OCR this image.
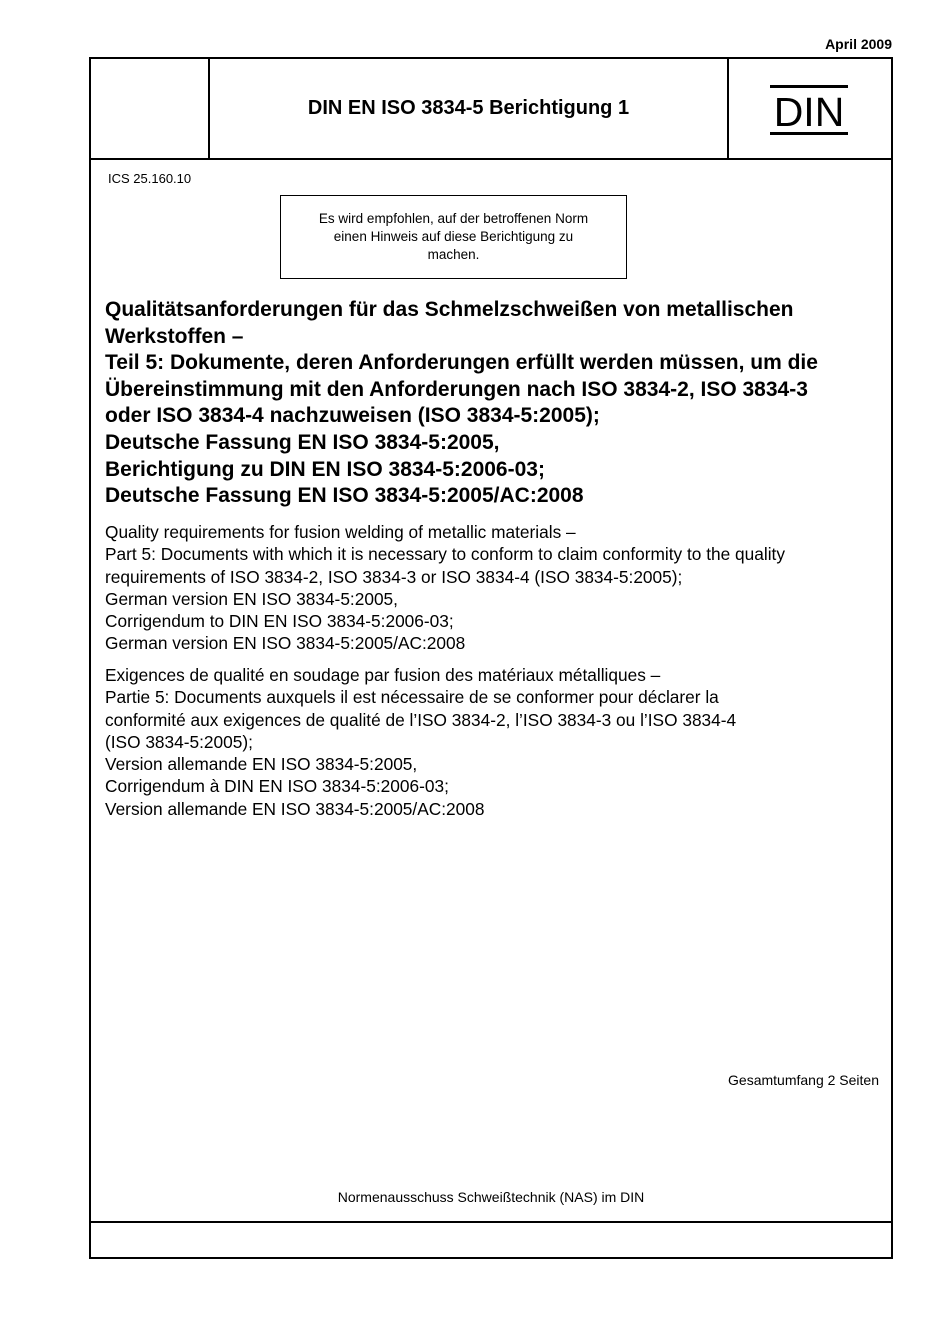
April 2009
DIN EN ISO 3834-5 Berichtigung 1	DIN
ICS 25.160.10
Es wird empfohlen, auf der betroffenen Norm
einen Hinweis auf diese Berichtigung zu
machen.
Qualitätsanforderungen für das Schmelzschweißen von metallischen
Werkstoffen –
Teil 5: Dokumente, deren Anforderungen erfüllt werden müssen, um die
Übereinstimmung mit den Anforderungen nach ISO 3834-2, ISO 3834-3
oder ISO 3834-4 nachzuweisen (ISO 3834-5:2005);
Deutsche Fassung EN ISO 3834-5:2005,
Berichtigung zu DIN EN ISO 3834-5:2006-03;
Deutsche Fassung EN ISO 3834-5:2005/AC:2008
Quality requirements for fusion welding of metallic materials –
Part 5: Documents with which it is necessary to conform to claim conformity to the quality
requirements of ISO 3834-2, ISO 3834-3 or ISO 3834-4 (ISO 3834-5:2005);
German version EN ISO 3834-5:2005,
Corrigendum to DIN EN ISO 3834-5:2006-03;
German version EN ISO 3834-5:2005/AC:2008
Exigences de qualité en soudage par fusion des matériaux métalliques –
Partie 5: Documents auxquels il est nécessaire de se conformer pour déclarer la
conformité aux exigences de qualité de l’ISO 3834-2, l’ISO 3834-3 ou l’ISO 3834-4
(ISO 3834-5:2005);
Version allemande EN ISO 3834-5:2005,
Corrigendum à DIN EN ISO 3834-5:2006-03;
Version allemande EN ISO 3834-5:2005/AC:2008
Gesamtumfang 2 Seiten
Normenausschuss Schweißtechnik (NAS) im DIN
